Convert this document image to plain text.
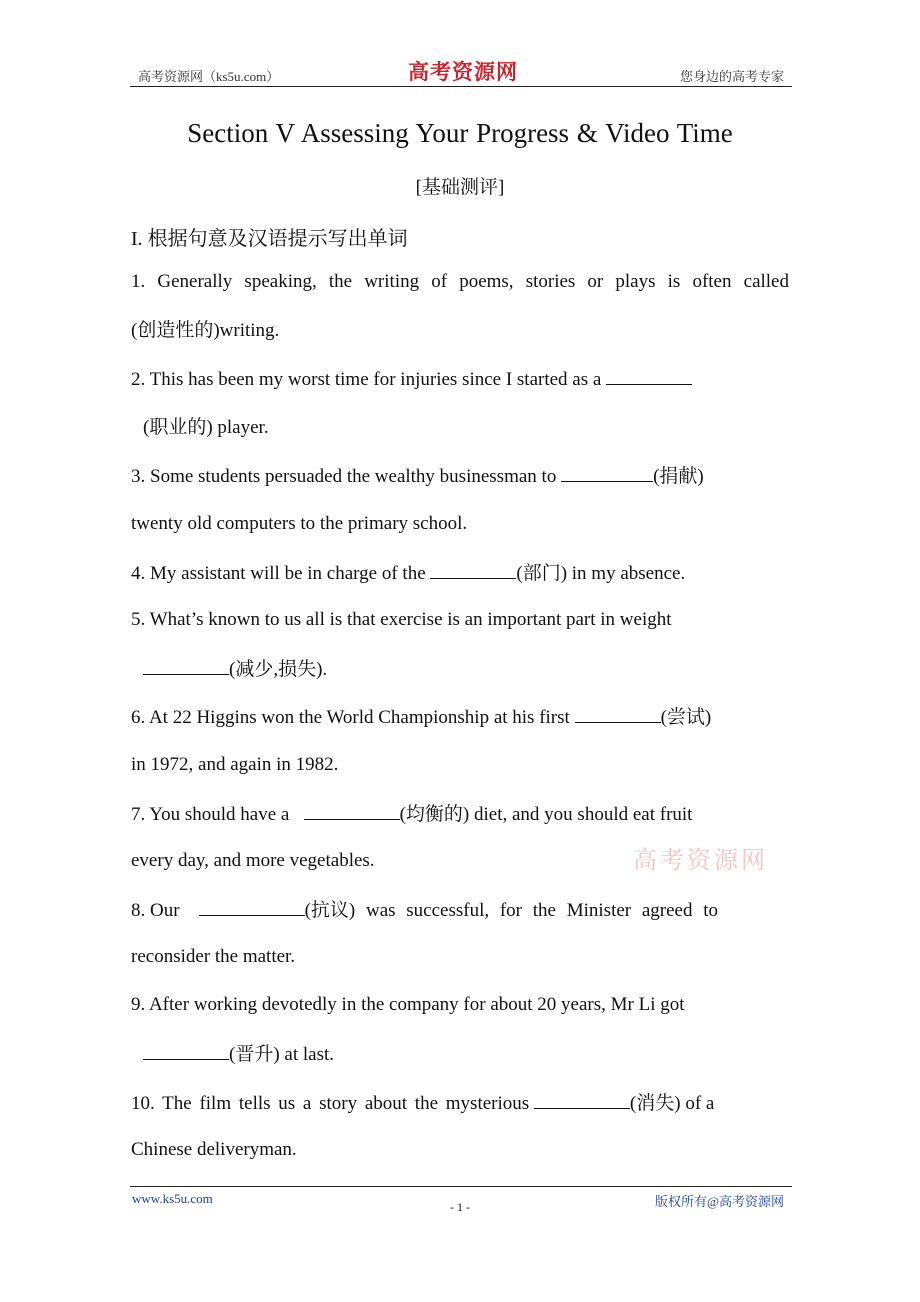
高考资源网（ks5u.com）	高考资源网	您身边的高考专家
Section V Assessing Your Progress & Video Time
[基础测评]
I. 根据句意及汉语提示写出单词
1. Generally speaking, the writing of poems, stories or plays is often called
(创造性的)writing.
2. This has been my worst time for injuries since I started as a
(职业的) player.
3. Some students persuaded the wealthy businessman to	(捐献)
twenty old computers to the primary school.
4. My assistant will be in charge of the	(部门) in my absence.
5. What’s known to us all is that exercise is an important part in weight
(减少,损失).
6. At 22 Higgins won the World Championship at his first	(尝试)
in 1972, and again in 1982.
7. You should have a	(均衡的) diet, and you should eat fruit
every day, and more vegetables.
8. Our	(抗议) was successful, for the Minister agreed to
reconsider the matter.
9. After working devotedly in the company for about 20 years, Mr Li got
(晋升) at last.
10. The film tells us a story about the mysterious	(消失) of a
Chinese deliveryman.
高考资源网
www.ks5u.com	版权所有@高考资源网
- 1 -
